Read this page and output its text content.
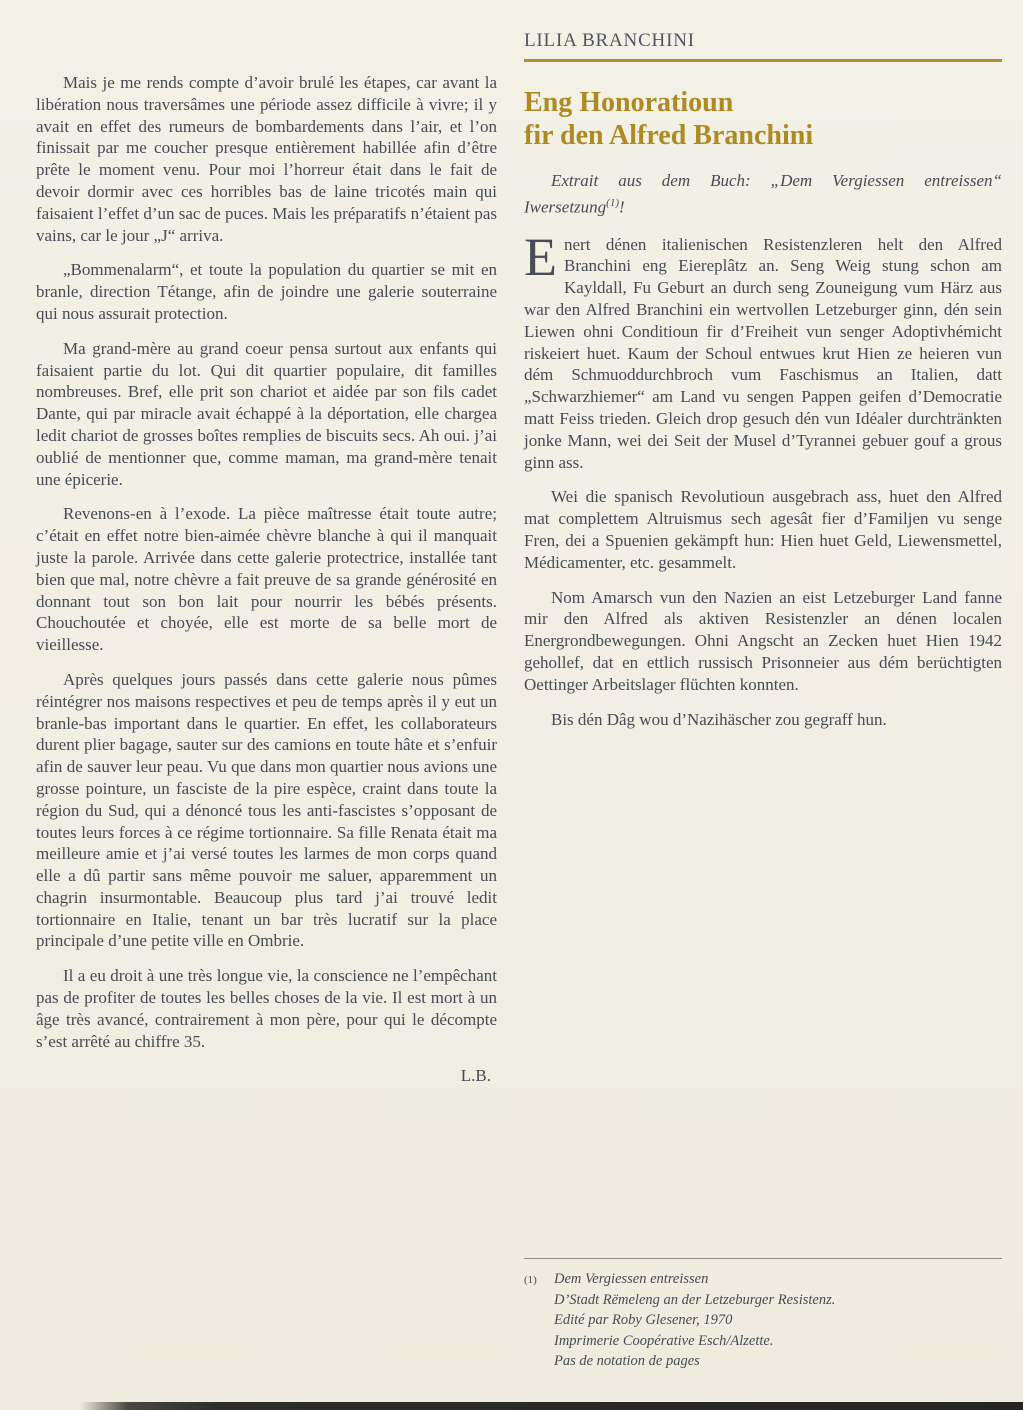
Mais je me rends compte d’avoir brulé les étapes, car avant la libération nous traversâmes une période assez difficile à vivre; il y avait en effet des rumeurs de bombardements dans l’air, et l’on finissait par me coucher presque entièrement habillée afin d’être prête le moment venu. Pour moi l’horreur était dans le fait de devoir dormir avec ces horribles bas de laine tricotés main qui faisaient l’effet d’un sac de puces. Mais les préparatifs n’étaient pas vains, car le jour „J“ arriva.

„Bommenalarm“, et toute la population du quartier se mit en branle, direction Tétange, afin de joindre une galerie souterraine qui nous assurait protection.

Ma grand-mère au grand coeur pensa surtout aux enfants qui faisaient partie du lot. Qui dit quartier populaire, dit familles nombreuses. Bref, elle prit son chariot et aidée par son fils cadet Dante, qui par miracle avait échappé à la déportation, elle chargea ledit chariot de grosses boîtes remplies de biscuits secs. Ah oui. j’ai oublié de mentionner que, comme maman, ma grand-mère tenait une épicerie.

Revenons-en à l’exode. La pièce maîtresse était toute autre; c’était en effet notre bien-aimée chèvre blanche à qui il manquait juste la parole. Arrivée dans cette galerie protectrice, installée tant bien que mal, notre chèvre a fait preuve de sa grande générosité en donnant tout son bon lait pour nourrir les bébés présents. Chouchoutée et choyée, elle est morte de sa belle mort de vieillesse.

Après quelques jours passés dans cette galerie nous pûmes réintégrer nos maisons respectives et peu de temps après il y eut un branle-bas important dans le quartier. En effet, les collaborateurs durent plier bagage, sauter sur des camions en toute hâte et s’enfuir afin de sauver leur peau. Vu que dans mon quartier nous avions une grosse pointure, un fasciste de la pire espèce, craint dans toute la région du Sud, qui a dénoncé tous les anti-fascistes s’opposant de toutes leurs forces à ce régime tortionnaire. Sa fille Renata était ma meilleure amie et j’ai versé toutes les larmes de mon corps quand elle a dû partir sans même pouvoir me saluer, apparemment un chagrin insurmontable. Beaucoup plus tard j’ai trouvé ledit tortionnaire en Italie, tenant un bar très lucratif sur la place principale d’une petite ville en Ombrie.

Il a eu droit à une très longue vie, la conscience ne l’empêchant pas de profiter de toutes les belles choses de la vie. Il est mort à un âge très avancé, contrairement à mon père, pour qui le décompte s’est arrêté au chiffre 35.

L.B.
LILIA BRANCHINI
Eng Honoratioun
fir den Alfred Branchini

Extrait aus dem Buch: „Dem Vergiessen entreissen“ Iwersetzung$^{(1)}$!

Enert dénen italienischen Resistenzleren helt den Alfred Branchini eng Eiereplâtz an. Seng Weig stung schon am Kayldall, Fu Geburt an durch seng Zouneigung vum Härz aus war den Alfred Branchini ein wertvollen Letzeburger ginn, dén sein Liewen ohni Conditioun fir d’Freiheit vun senger Adoptivhémicht riskeiert huet. Kaum der Schoul entwues krut Hien ze heieren vun dém Schmuoddurchbroch vum Faschismus an Italien, datt „Schwarzhiemer“ am Land vu sengen Pappen geifen d’Democratie matt Feiss trieden. Gleich drop gesuch dén vun Idéaler durchtränkten jonke Mann, wei dei Seit der Musel d’Tyrannei gebuer gouf a grous ginn ass.

Wei die spanisch Revolutioun ausgebrach ass, huet den Alfred mat complettem Altruismus sech agesât fier d’Familjen vu senge Fren, dei a Spuenien gekämpft hun: Hien huet Geld, Liewensmettel, Médicamenter, etc. gesammelt.

Nom Amarsch vun den Nazien an eist Letzeburger Land fanne mir den Alfred als aktiven Resistenzler an dénen localen Energrondbewegungen. Ohni Angscht an Zecken huet Hien 1942 gehollef, dat en ettlich russisch Prisonneier aus dém berüchtigten Oettinger Arbeitslager flüchten konnten.

Bis dén Dâg wou d’Nazihäscher zou gegraff hun.

(1)	Dem Vergiessen entreissen
D’Stadt Rëmeleng an der Letzeburger Resistenz.
Edité par Roby Glesener, 1970
Imprimerie Coopérative Esch/Alzette.
Pas de notation de pages
